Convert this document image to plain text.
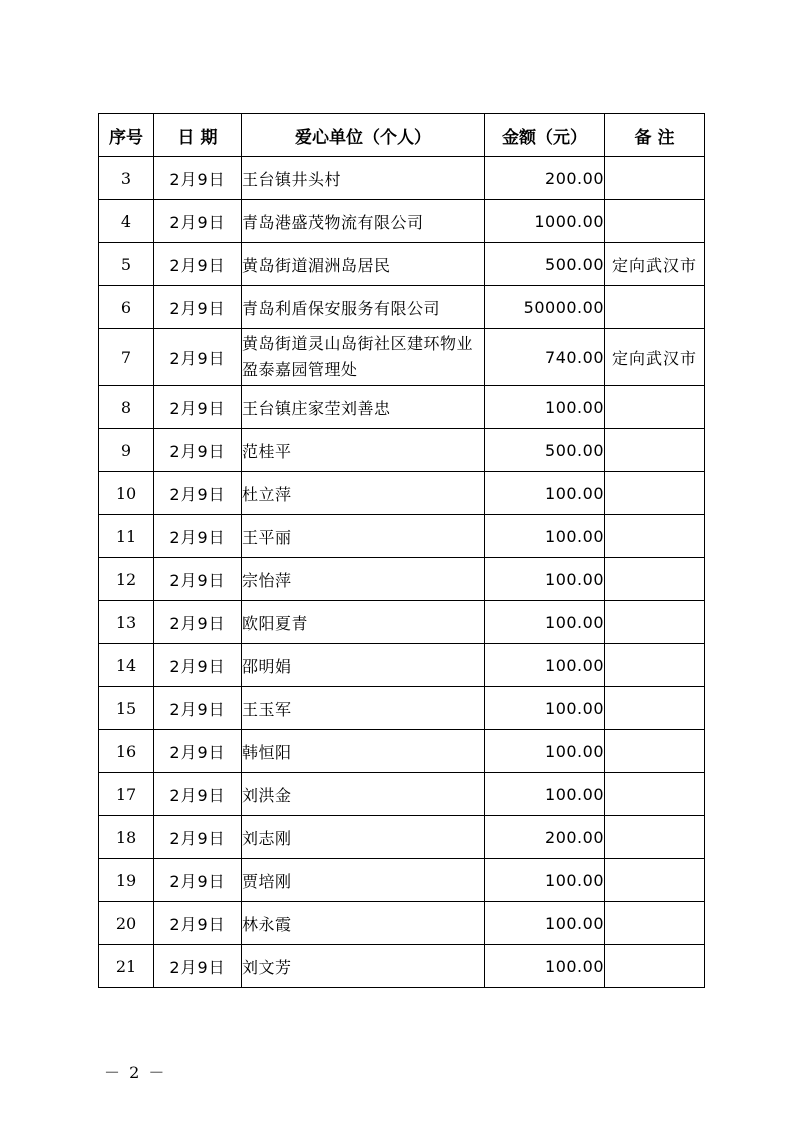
序号	日 期	爱心单位（个人）	金额（元）	备 注
3	2月9日	王台镇井头村	200.00	
4	2月9日	青岛港盛茂物流有限公司	1000.00	
5	2月9日	黄岛街道湄洲岛居民	500.00	定向武汉市
6	2月9日	青岛利盾保安服务有限公司	50000.00	
7	2月9日	黄岛街道灵山岛街社区建环物业盈泰嘉园管理处	740.00	定向武汉市
8	2月9日	王台镇庄家茔刘善忠	100.00	
9	2月9日	范桂平	500.00	
10	2月9日	杜立萍	100.00	
11	2月9日	王平丽	100.00	
12	2月9日	宗怡萍	100.00	
13	2月9日	欧阳夏青	100.00	
14	2月9日	邵明娟	100.00	
15	2月9日	王玉军	100.00	
16	2月9日	韩恒阳	100.00	
17	2月9日	刘洪金	100.00	
18	2月9日	刘志刚	200.00	
19	2月9日	贾培刚	100.00	
20	2月9日	林永霞	100.00	
21	2月9日	刘文芳	100.00	
－ 2 －
